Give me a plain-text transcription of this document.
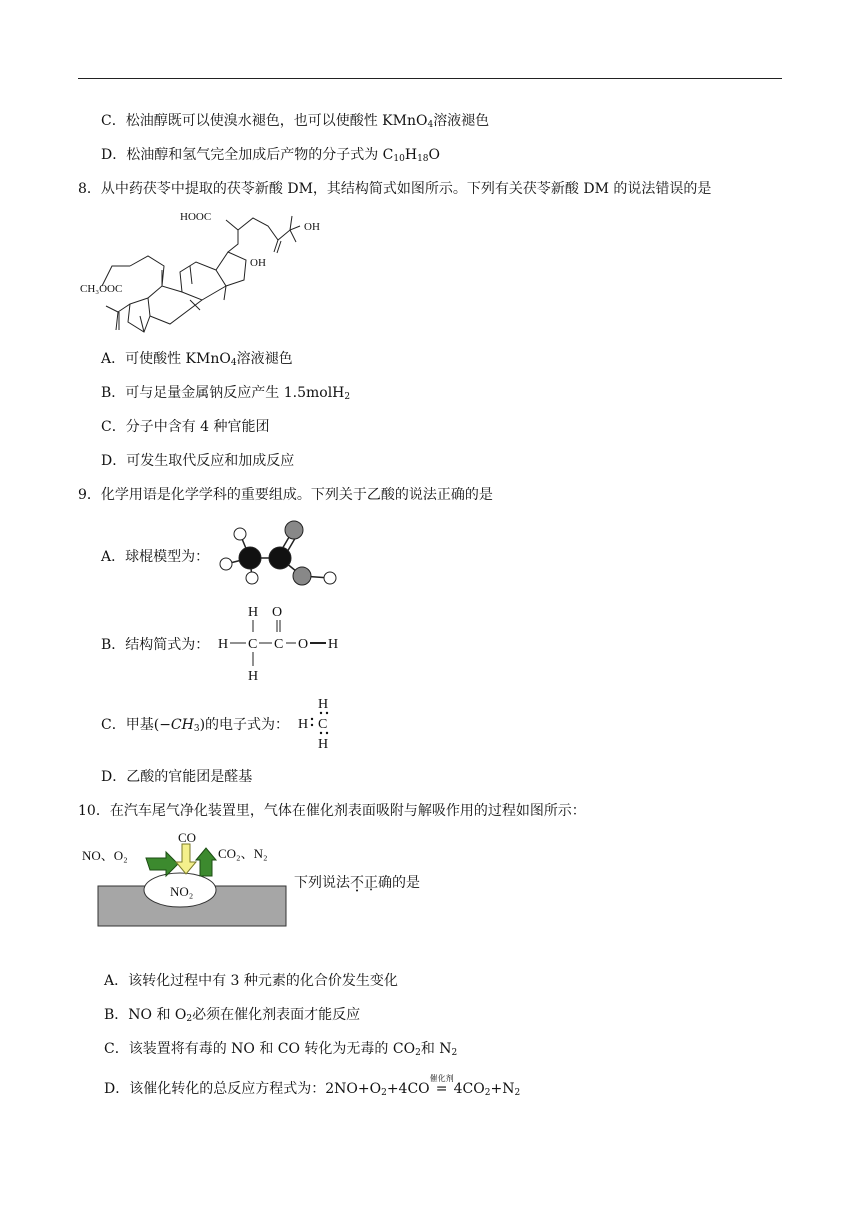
C．松油醇既可以使溴水褪色，也可以使酸性 KMnO$_4$溶液褪色
D．松油醇和氢气完全加成后产物的分子式为 $C_{10}H_{18}O$
8．从中药茯苓中提取的茯苓新酸 DM，其结构简式如图所示。下列有关茯苓新酸 DM 的说法错误的是
HOOC
OH
OH
CH₃OOC
A．可使酸性 KMnO$_4$溶液褪色
B．可与足量金属钠反应产生 1.5molH$_2$
C．分子中含有 4 种官能团
D．可发生取代反应和加成反应
9．化学用语是化学学科的重要组成。下列关于乙酸的说法正确的是
A．球棍模型为：
B．结构简式为：
H O
H C C O H
H
C．甲基$(-CH_3)$的电子式为：
H
H C
H
D．乙酸的官能团是醛基
10．在汽车尾气净化装置里，气体在催化剂表面吸附与解吸作用的过程如图所示：
NO、O₂
CO
CO₂、N₂
NO₂
下列说法 •不正确的是 •
A．该转化过程中有 3 种元素的化合价发生变化
B．NO 和 $O_2$必须在催化剂表面才能反应
C．该装置将有毒的 NO 和 CO 转化为无毒的 $CO_2$和 $N_2$
D．该催化转化的总反应方程式为：$2NO+O_2+4CO$
催化剂
= $4CO_2+N_2$
